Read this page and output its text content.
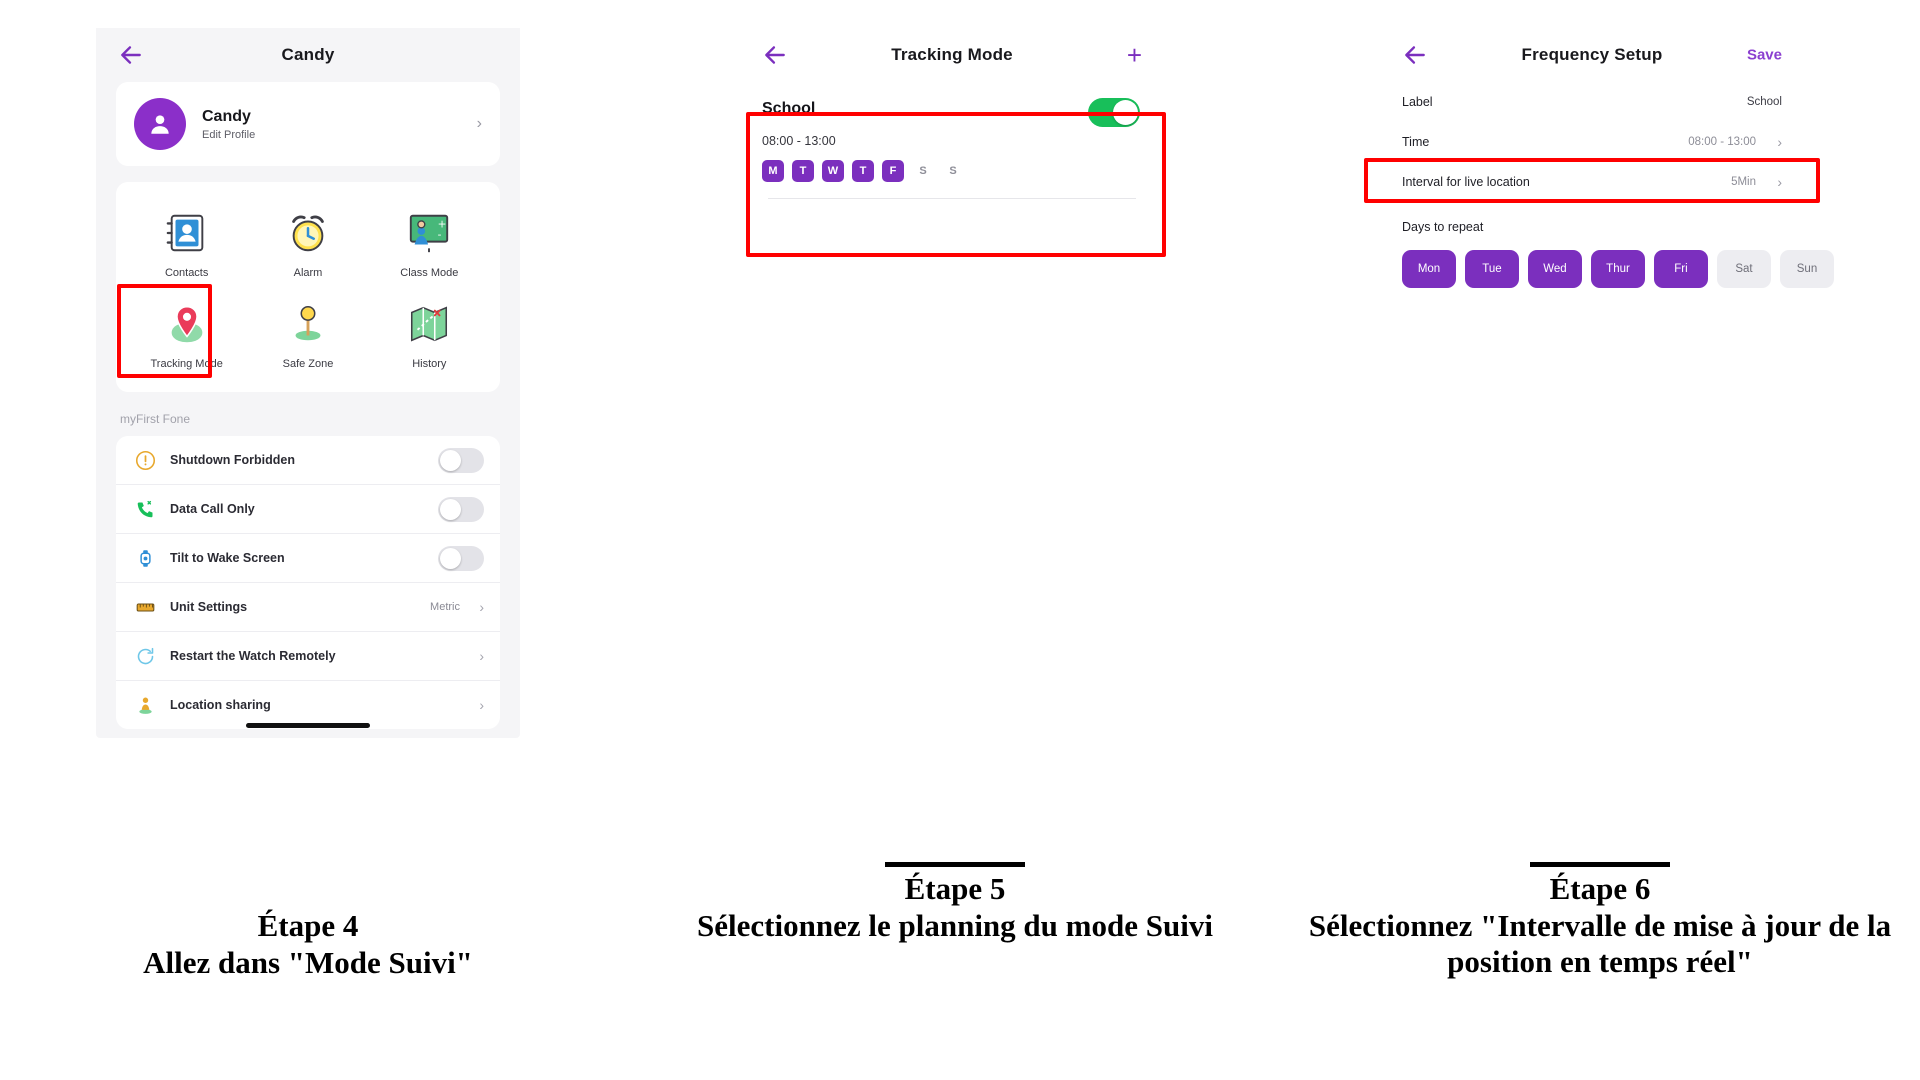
Candy
Candy
Edit Profile
›
Contacts	Alarm
+
-
Class Mode
Tracking Mode	Safe Zone	History
myFirst Fone
Shutdown Forbidden
Data Call Only
Tilt to Wake Screen
Unit Settings	Metric ›
Restart the Watch Remotely	›
Location sharing	›
Tracking Mode	+
School
08:00 - 13:00
M	T	W	T	F	S	S
Frequency Setup	Save
Label	School
Time	08:00 - 13:00 ›
Interval for live location	5Min ›
Days to repeat
Mon	Tue	Wed	Thur	Fri	Sat	Sun
Étape 4
Allez dans "Mode Suivi"
Étape 5
Sélectionnez le planning du mode Suivi
Étape 6
Sélectionnez "Intervalle de mise à jour de la position en temps réel"
